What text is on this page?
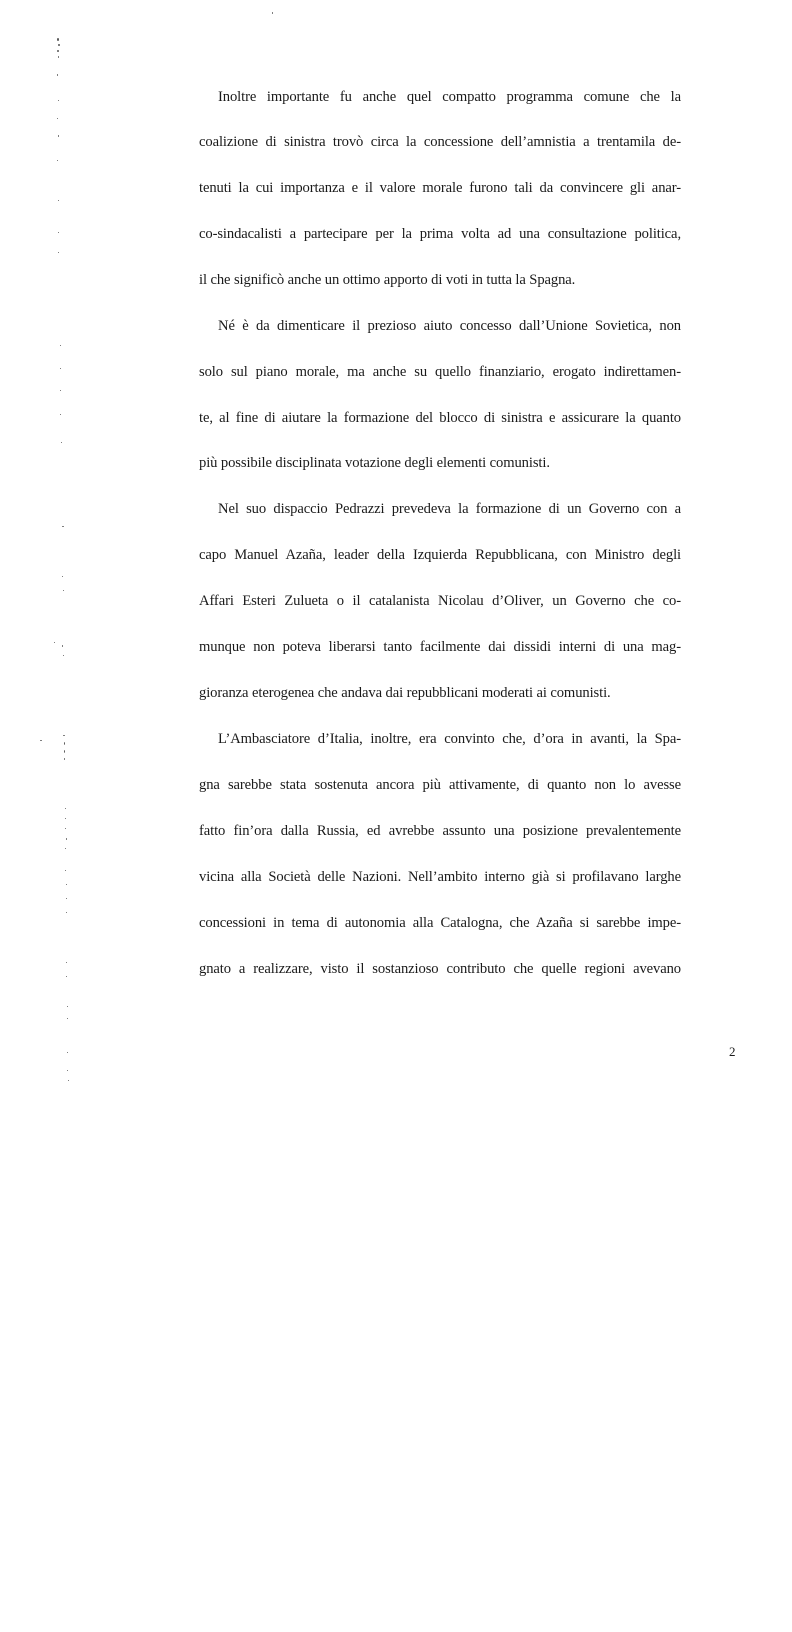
Inoltre importante fu anche quel compatto programma comune che la
coalizione di sinistra trovò circa la concessione dell’amnistia a trentamila de-
tenuti la cui importanza e il valore morale furono tali da convincere gli anar-
co-sindacalisti a partecipare per la prima volta ad una consultazione politica,
il che significò anche un ottimo apporto di voti in tutta la Spagna.
Né è da dimenticare il prezioso aiuto concesso dall’Unione Sovietica, non
solo sul piano morale, ma anche su quello finanziario, erogato indirettamen-
te, al fine di aiutare la formazione del blocco di sinistra e assicurare la quanto
più possibile disciplinata votazione degli elementi comunisti.
Nel suo dispaccio Pedrazzi prevedeva la formazione di un Governo con a
capo Manuel Azaña, leader della Izquierda Repubblicana, con Ministro degli
Affari Esteri Zulueta o il catalanista Nicolau d’Oliver, un Governo che co-
munque non poteva liberarsi tanto facilmente dai dissidi interni di una mag-
gioranza eterogenea che andava dai repubblicani moderati ai comunisti.
L’Ambasciatore d’Italia, inoltre, era convinto che, d’ora in avanti, la Spa-
gna sarebbe stata sostenuta ancora più attivamente, di quanto non lo avesse
fatto fin’ora dalla Russia, ed avrebbe assunto una posizione prevalentemente
vicina alla Società delle Nazioni. Nell’ambito interno già si profilavano larghe
concessioni in tema di autonomia alla Catalogna, che Azaña si sarebbe impe-
gnato a realizzare, visto il sostanzioso contributo che quelle regioni avevano
2
